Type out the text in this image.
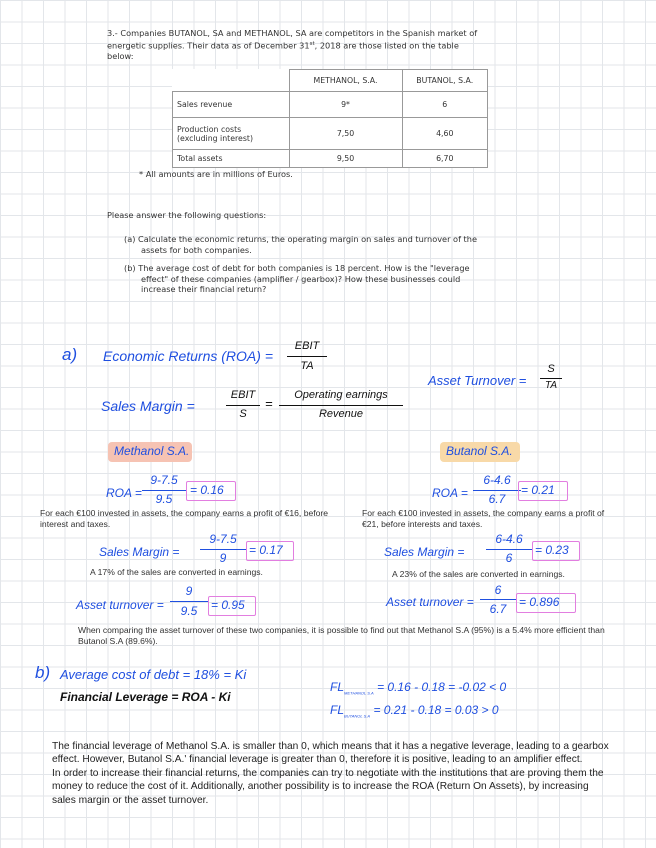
3.- Companies BUTANOL, SA and METHANOL, SA are competitors in the Spanish market of
energetic supplies. Their data as of December 31st, 2018 are those listed on the table
below:
	METHANOL, S.A.	BUTANOL, S.A.
Sales revenue	9*	6

Production costs
(excluding interest)	7,50	4,60
Total assets	9,50	6,70
* All amounts are in millions of Euros.
Please answer the following questions:
(a) Calculate the economic returns, the operating margin on sales and turnover of the
assets for both companies.
(b) The average cost of debt for both companies is 18 percent. How is the "leverage
effect" of these companies (amplifier / gearbox)? How these businesses could
increase their financial return?
a) Economic Returns (ROA) =
EBIT
TA
Asset Turnover =
S
TA
Sales Margin =
EBIT
S
=
Operating earnings
Revenue
Methanol S.A.
ROA =
9-7.5
9.5
= 0.16
For each €100 invested in assets, the company earns a profit of €16, before interest and taxes.
Sales Margin =
9-7.5
9
= 0.17
A 17% of the sales are converted in earnings.
Asset turnover =
9
9.5	= 0.95
Butanol S.A.
ROA =
6-4.6
6.7
= 0.21
For each €100 invested in assets, the company earns a profit of €21, before interests and taxes.
Sales Margin =
6-4.6
6
= 0.23
A 23% of the sales are converted in earnings.
Asset turnover =
6
6.7	= 0.896
When comparing the asset turnover of these two companies, it is possible to find out that Methanol S.A (95%) is a 5.4% more efficient than Butanol S.A (89.6%).
b) Average cost of debt = 18% = Ki
Financial Leverage = ROA - Ki
$FL_{METHANOL S.A} = 0.16 - 0.18 = -0.02 < 0$
$FL_{BUTANOL S.A} = 0.21 - 0.18 = 0.03 > 0$
The financial leverage of Methanol S.A. is smaller than 0, which means that it has a negative leverage, leading to a gearbox effect. However, Butanol S.A.' financial leverage is greater than 0, therefore it is positive, leading to an amplifier effect.
In order to increase their financial returns, the companies can try to negotiate with the institutions that are proving them the money to reduce the cost of it. Additionally, another possibility is to increase the ROA (Return On Assets), by increasing sales margin or the asset turnover.
